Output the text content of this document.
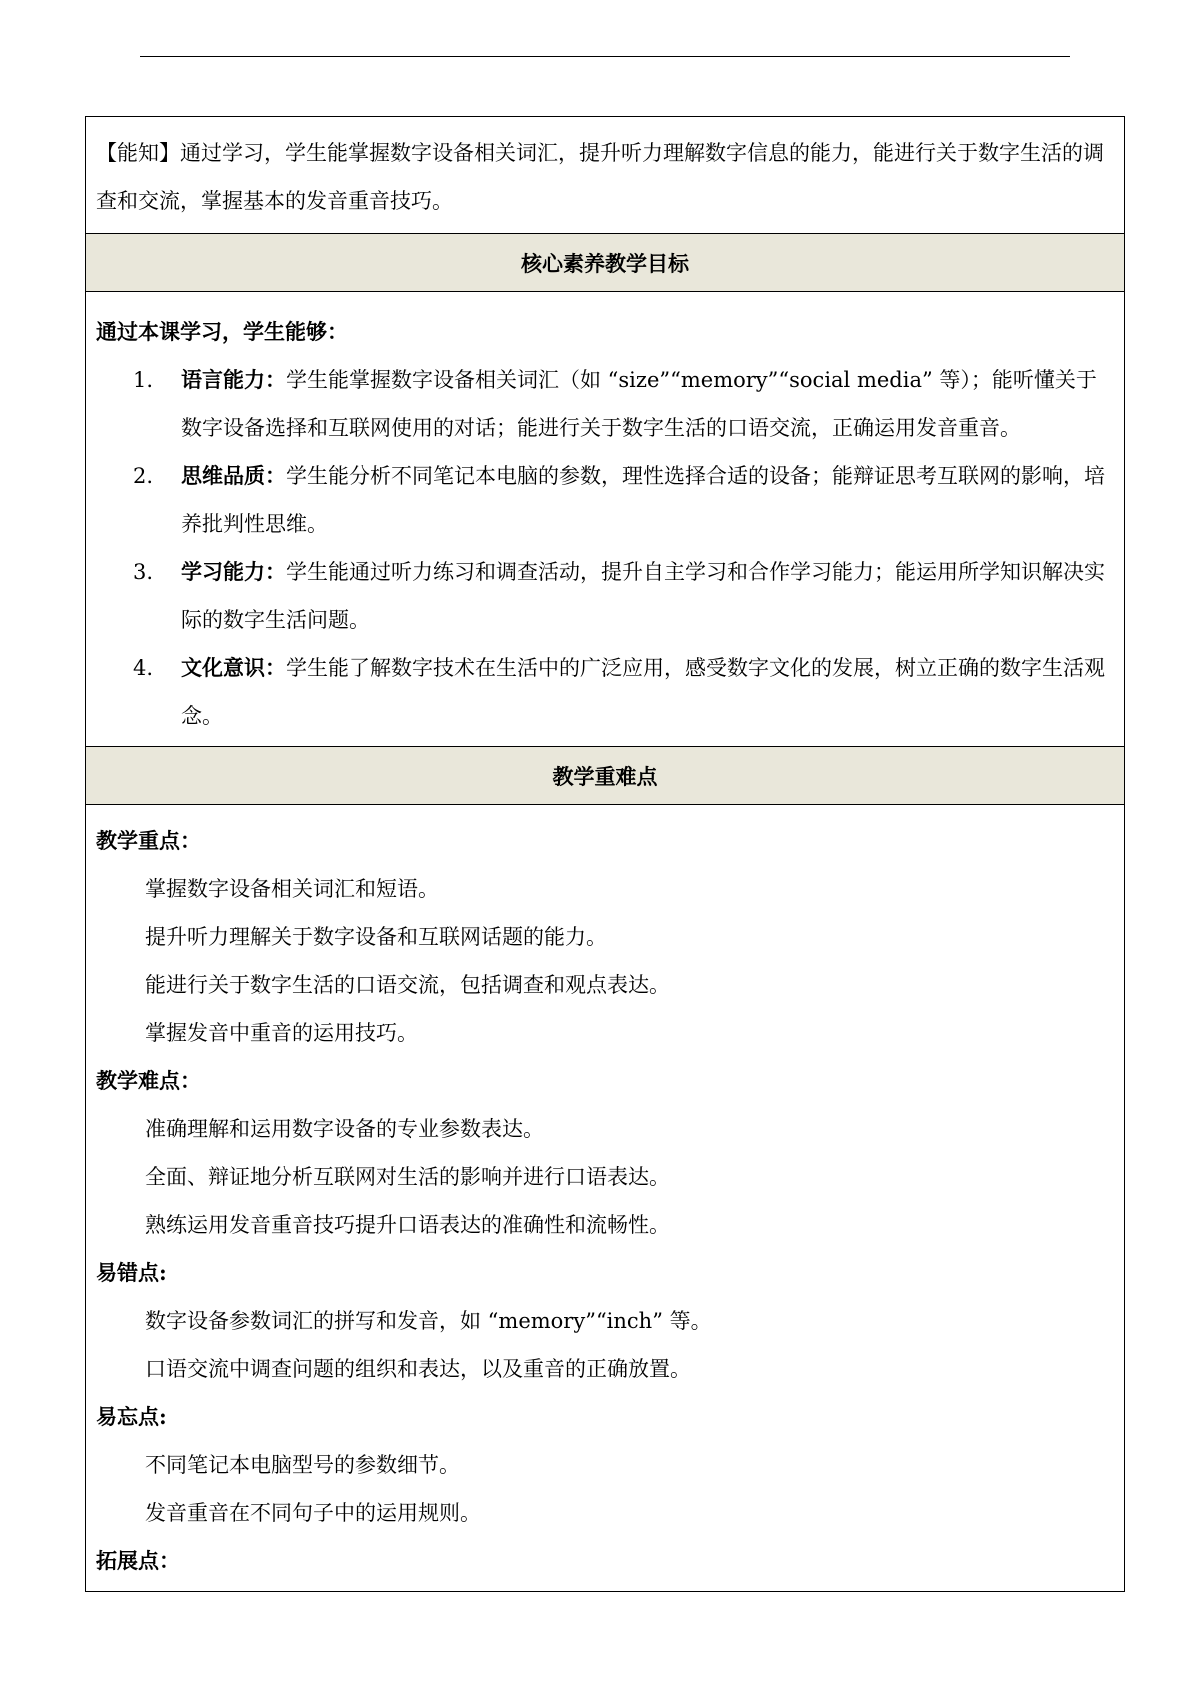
【能知】通过学习，学生能掌握数字设备相关词汇，提升听力理解数字信息的能力，能进行关于数字生活的调查和交流，掌握基本的发音重音技巧。
核心素养教学目标
通过本课学习，学生能够：
1. 语言能力：学生能掌握数字设备相关词汇（如 “size”“memory”“social media” 等）；能听懂关于数字设备选择和互联网使用的对话；能进行关于数字生活的口语交流，正确运用发音重音。
2. 思维品质：学生能分析不同笔记本电脑的参数，理性选择合适的设备；能辩证思考互联网的影响，培养批判性思维。
3. 学习能力：学生能通过听力练习和调查活动，提升自主学习和合作学习能力；能运用所学知识解决实际的数字生活问题。
4. 文化意识：学生能了解数字技术在生活中的广泛应用，感受数字文化的发展，树立正确的数字生活观念。
教学重难点
教学重点：
掌握数字设备相关词汇和短语。
提升听力理解关于数字设备和互联网话题的能力。
能进行关于数字生活的口语交流，包括调查和观点表达。
掌握发音中重音的运用技巧。
教学难点：
准确理解和运用数字设备的专业参数表达。
全面、辩证地分析互联网对生活的影响并进行口语表达。
熟练运用发音重音技巧提升口语表达的准确性和流畅性。
易错点:
数字设备参数词汇的拼写和发音，如 “memory”“inch” 等。
口语交流中调查问题的组织和表达，以及重音的正确放置。
易忘点:
不同笔记本电脑型号的参数细节。
发音重音在不同句子中的运用规则。
拓展点：
